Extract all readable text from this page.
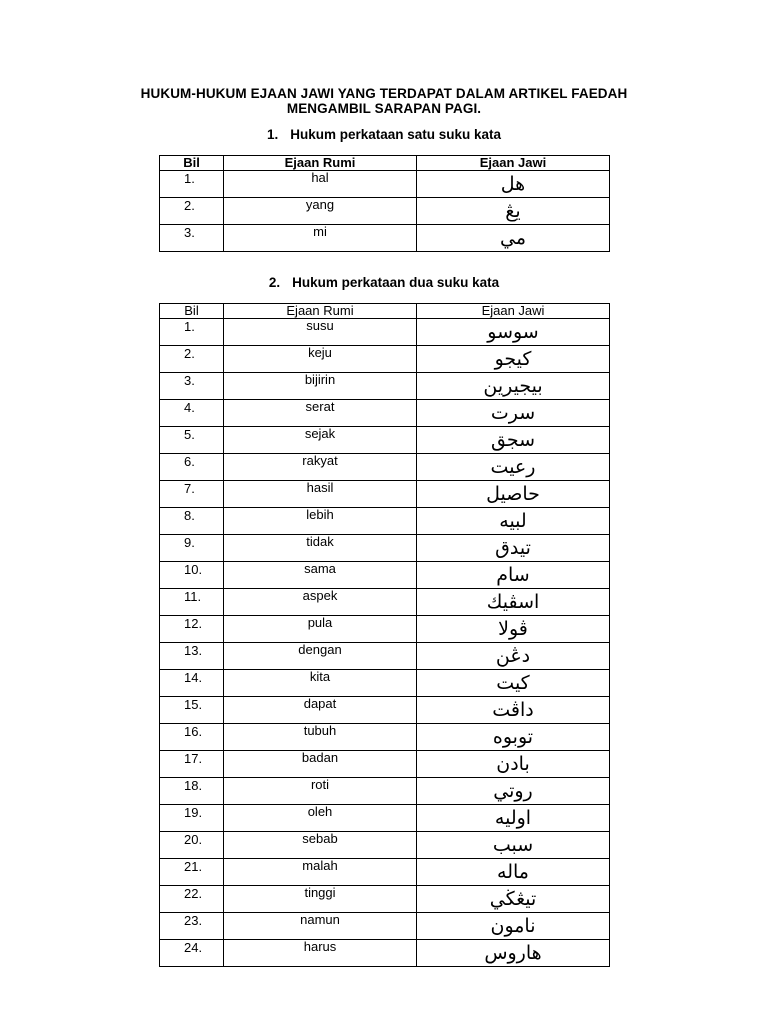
HUKUM-HUKUM EJAAN JAWI YANG TERDAPAT DALAM ARTIKEL FAEDAH
MENGAMBIL SARAPAN PAGI.
1. Hukum perkataan satu suku kata
Bil	Ejaan Rumi	Ejaan Jawi
1.	hal	هل
2.	yang	يڠ
3.	mi	مي
2. Hukum perkataan dua suku kata
Bil	Ejaan Rumi	Ejaan Jawi
1.	susu	سوسو
2.	keju	كيجو
3.	bijirin	بيجيرين
4.	serat	سرت
5.	sejak	سجق
6.	rakyat	رعيت
7.	hasil	حاصيل
8.	lebih	لبيه
9.	tidak	تيدق
10.	sama	سام
11.	aspek	اسڤيك
12.	pula	ڤولا
13.	dengan	دڠن
14.	kita	كيت
15.	dapat	داڤت
16.	tubuh	توبوه
17.	badan	بادن
18.	roti	روتي
19.	oleh	اوليه
20.	sebab	سبب
21.	malah	ماله
22.	tinggi	تيڠڬي
23.	namun	نامون
24.	harus	هاروس
